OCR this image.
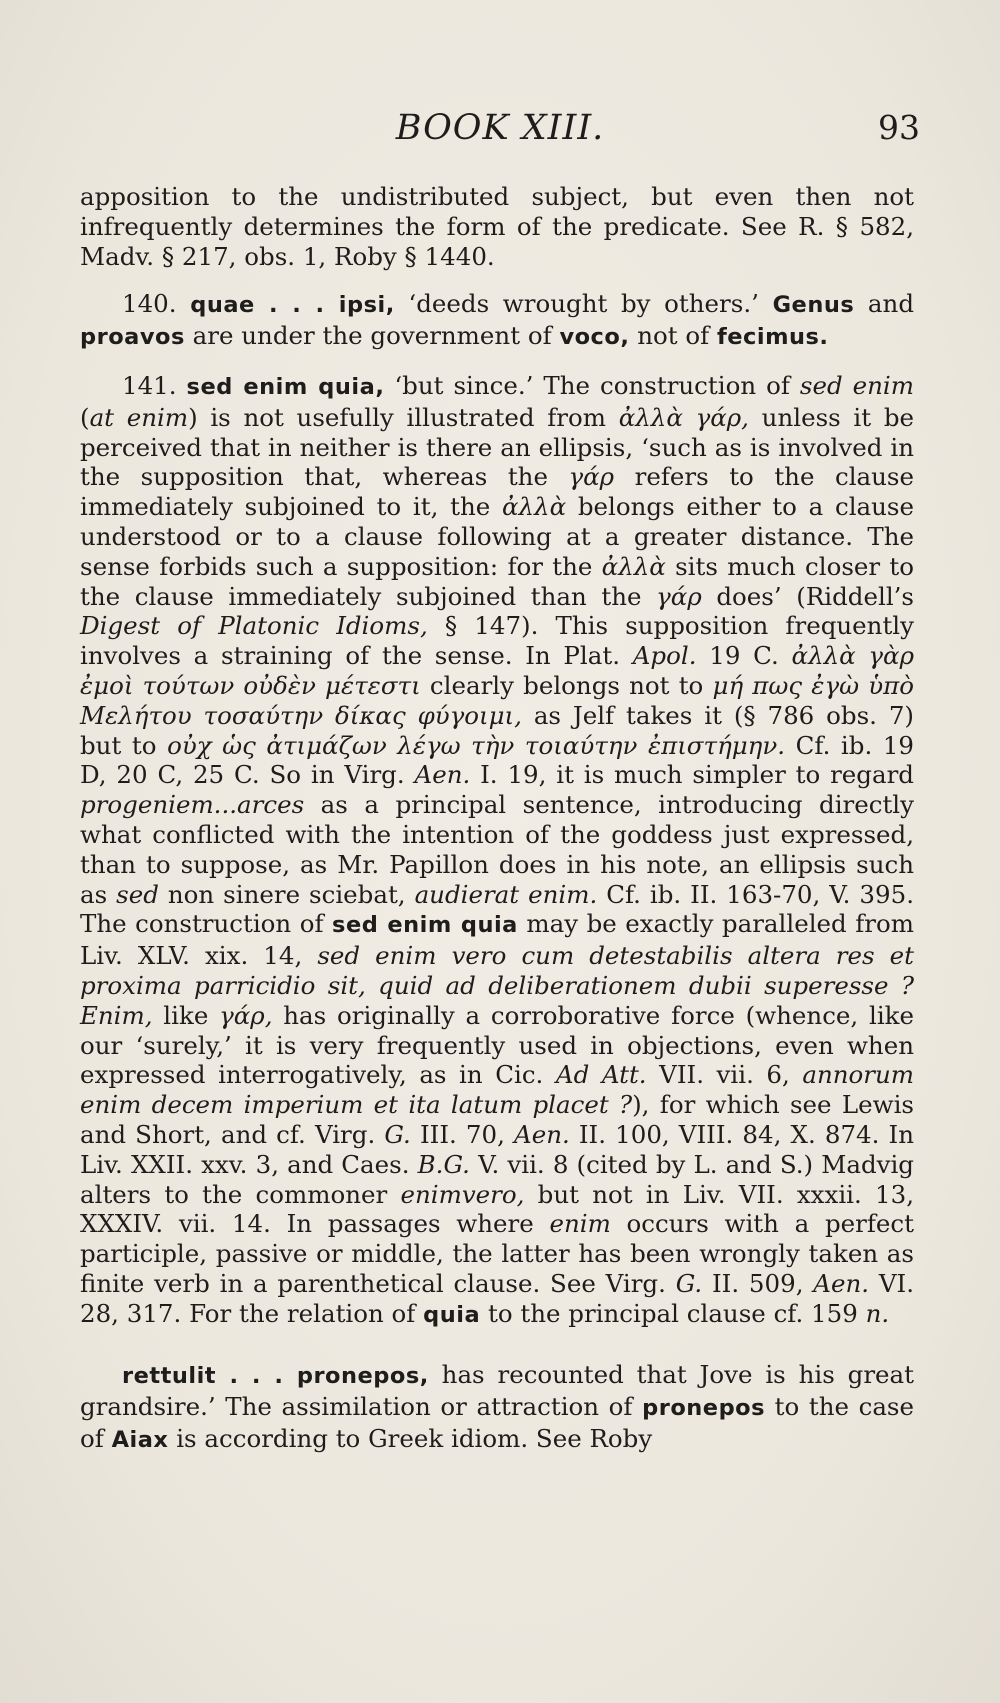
BOOK XIII.	93

apposition to the undistributed subject, but even then not infrequently determines the form of the predicate. See R. § 582, Madv. § 217, obs. 1, Roby § 1440.

140. quae . . . ipsi, ‘deeds wrought by others.’ Genus and proavos are under the government of voco, not of fecimus.

141. sed enim quia, ‘but since.’ The construction of sed enim (at enim) is not usefully illustrated from ἀλλὰ γάρ, unless it be perceived that in neither is there an ellipsis, ‘such as is involved in the supposition that, whereas the γάρ refers to the clause immediately subjoined to it, the ἀλλὰ belongs either to a clause understood or to a clause following at a greater distance. The sense forbids such a supposition: for the ἀλλὰ sits much closer to the clause immediately subjoined than the γάρ does’ (Riddell’s Digest of Platonic Idioms, § 147). This supposition frequently involves a straining of the sense. In Plat. Apol. 19 C. ἀλλὰ γὰρ ἐμοὶ τούτων οὐδὲν μέτεστι clearly belongs not to μή πως ἐγὼ ὑπὸ Μελήτου τοσαύτην δίκας φύγοιμι, as Jelf takes it (§ 786 obs. 7) but to οὐχ ὡς ἀτιμάζων λέγω τὴν τοιαύτην ἐπιστήμην. Cf. ib. 19 D, 20 C, 25 C. So in Virg. Aen. I. 19, it is much simpler to regard progeniem...arces as a principal sentence, introducing directly what conflicted with the intention of the goddess just expressed, than to suppose, as Mr. Papillon does in his note, an ellipsis such as sed non sinere sciebat, audierat enim. Cf. ib. II. 163-70, V. 395. The construction of sed enim quia may be exactly paralleled from Liv. XLV. xix. 14, sed enim vero cum detestabilis altera res et proxima parricidio sit, quid ad deliberationem dubii superesse ? Enim, like γάρ, has originally a corroborative force (whence, like our ‘surely,’ it is very frequently used in objections, even when expressed interrogatively, as in Cic. Ad Att. VII. vii. 6, annorum enim decem imperium et ita latum placet ?), for which see Lewis and Short, and cf. Virg. G. III. 70, Aen. II. 100, VIII. 84, X. 874. In Liv. XXII. xxv. 3, and Caes. B.G. V. vii. 8 (cited by L. and S.) Madvig alters to the commoner enimvero, but not in Liv. VII. xxxii. 13, XXXIV. vii. 14. In passages where enim occurs with a perfect participle, passive or middle, the latter has been wrongly taken as finite verb in a parenthetical clause. See Virg. G. II. 509, Aen. VI. 28, 317. For the relation of quia to the principal clause cf. 159 n.

rettulit . . . pronepos, has recounted that Jove is his great grandsire.’ The assimilation or attraction of pronepos to the case of Aiax is according to Greek idiom. See Roby
